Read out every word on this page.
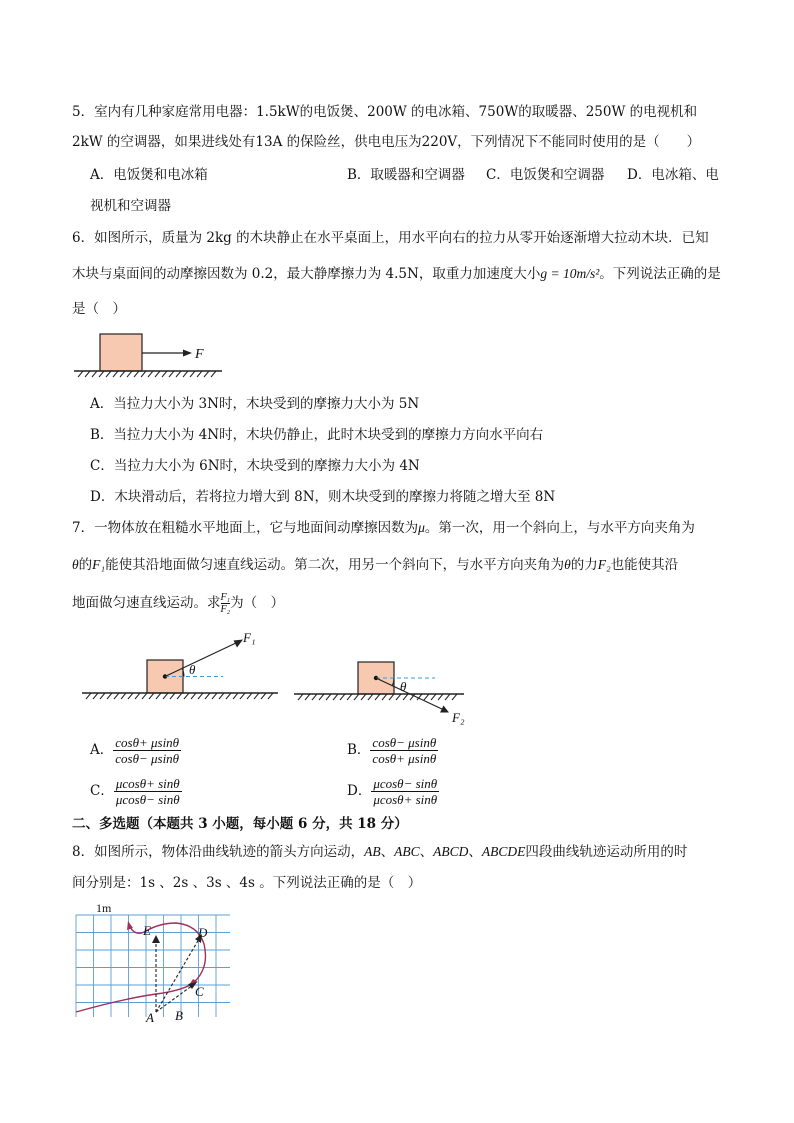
5．室内有几种家庭常用电器：1.5kW的电饭煲、200W 的电冰箱、750W的取暖器、250W 的电视机和
2kW 的空调器，如果进线处有13A 的保险丝，供电电压为220V，下列情况下不能同时使用的是（　　）
A．电饭煲和电冰箱	B．取暖器和空调器 C．电饭煲和空调器 D．电冰箱、电
视机和空调器
6．如图所示，质量为 2kg 的木块静止在水平桌面上，用水平向右的拉力从零开始逐渐增大拉动木块．已知
木块与桌面间的动摩擦因数为 0.2，最大静摩擦力为 4.5N，取重力加速度大小g = 10m/s²。下列说法正确的是
是（　）
F
A．当拉力大小为 3N时，木块受到的摩擦力大小为 5N
B．当拉力大小为 4N时，木块仍静止，此时木块受到的摩擦力方向水平向右
C．当拉力大小为 6N时，木块受到的摩擦力大小为 4N
D．木块滑动后，若将拉力增大到 8N，则木块受到的摩擦力将随之增大至 8N
7．一物体放在粗糙水平地面上，它与地面间动摩擦因数为μ。第一次，用一个斜向上，与水平方向夹角为
θ的F₁能使其沿地面做匀速直线运动。第二次，用另一个斜向下，与水平方向夹角为θ的力F₂也能使其沿
地面做匀速直线运动。求 $\frac{\text{F₁}}{\text{F₂}}$为（　）
θ
F₁
θ
F₂
A． $\frac{\cos\theta+ \mu\sin\theta}{\cos\theta- \mu\sin\theta}$	B． $\frac{\cos\theta- \mu\sin\theta}{\cos\theta+ \mu\sin\theta}$
C． $\frac{\mu\cos\theta+ \sin\theta}{\mu\cos\theta- \sin\theta}$	D． $\frac{\mu\cos\theta- \sin\theta}{\mu\cos\theta+ \sin\theta}$
二、多选题（本题共 3 小题，每小题 6 分，共 18 分）
8．如图所示，物体沿曲线轨迹的箭头方向运动，AB、ABC、ABCD、ABCDE四段曲线轨迹运动所用的时
间分别是：1s 、2s 、3s 、4s 。下列说法正确的是（　）
1m
A B
C
D
E
